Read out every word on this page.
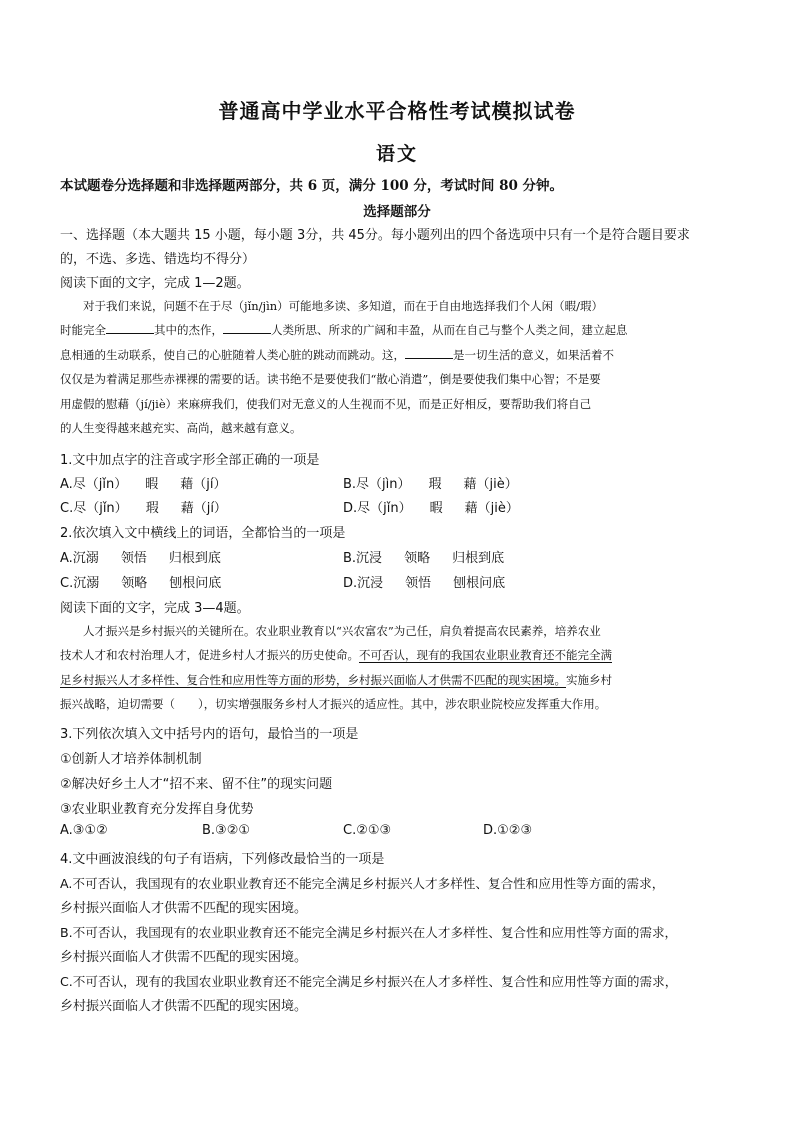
普通高中学业水平合格性考试模拟试卷
语文
本试题卷分选择题和非选择题两部分，共 6 页，满分 100 分，考试时间 80 分钟。
选择题部分
一、选择题（本大题共 15 小题，每小题 3分，共 45分。每小题列出的四个备选项中只有一个是符合题目要求
的，不选、多选、错选均不得分）
阅读下面的文字，完成 1—2题。

对于我们来说，问题不在于尽（jǐn/jìn）可能地多读、多知道，而在于自由地选择我们个人闲（暇/瑕）

时能完全	其中的杰作，	人类所思、所求的广阔和丰盈，从而在自己与整个人类之间，建立起息
息相通的生动联系，使自己的心脏随着人类心脏的跳动而跳动。这，	是一切生活的意义，如果活着不
仅仅是为着满足那些赤裸裸的需要的话。读书绝不是要使我们“散心消遣”，倒是要使我们集中心智；不是要
用虚假的慰藉（jí/jiè）来麻痹我们，使我们对无意义的人生视而不见，而是正好相反，要帮助我们将自己
的人生变得越来越充实、高尚，越来越有意义。
1.文中加点字的注音或字形全部正确的一项是
A.尽（jǐn） 暇 藉（jí）	B.尽（jìn） 瑕 藉（jiè）
C.尽（jǐn） 瑕 藉（jí）	D.尽（jǐn） 暇 藉（jiè）
2.依次填入文中横线上的词语，全都恰当的一项是
A.沉溺 领悟 归根到底	B.沉浸 领略 归根到底
C.沉溺 领略 刨根问底	D.沉浸 领悟 刨根问底
阅读下面的文字，完成 3—4题。

人才振兴是乡村振兴的关键所在。农业职业教育以“兴农富农”为己任，肩负着提高农民素养，培养农业

技术人才和农村治理人才，促进乡村人才振兴的历史使命。不可否认，现有的我国农业职业教育还不能完全满
足乡村振兴人才多样性、复合性和应用性等方面的形势，乡村振兴面临人才供需不匹配的现实困境。实施乡村
振兴战略，迫切需要（　　），切实增强服务乡村人才振兴的适应性。其中，涉农职业院校应发挥重大作用。
3.下列依次填入文中括号内的语句，最恰当的一项是
①创新人才培养体制机制
②解决好乡土人才“招不来、留不住”的现实问题
③农业职业教育充分发挥自身优势
A.③①②	B.③②①	C.②①③	D.①②③
4.文中画波浪线的句子有语病，下列修改最恰当的一项是
A.不可否认，我国现有的农业职业教育还不能完全满足乡村振兴人才多样性、复合性和应用性等方面的需求，
乡村振兴面临人才供需不匹配的现实困境。
B.不可否认，我国现有的农业职业教育还不能完全满足乡村振兴在人才多样性、复合性和应用性等方面的需求，
乡村振兴面临人才供需不匹配的现实困境。
C.不可否认，现有的我国农业职业教育还不能完全满足乡村振兴在人才多样性、复合性和应用性等方面的需求，
乡村振兴面临人才供需不匹配的现实困境。
